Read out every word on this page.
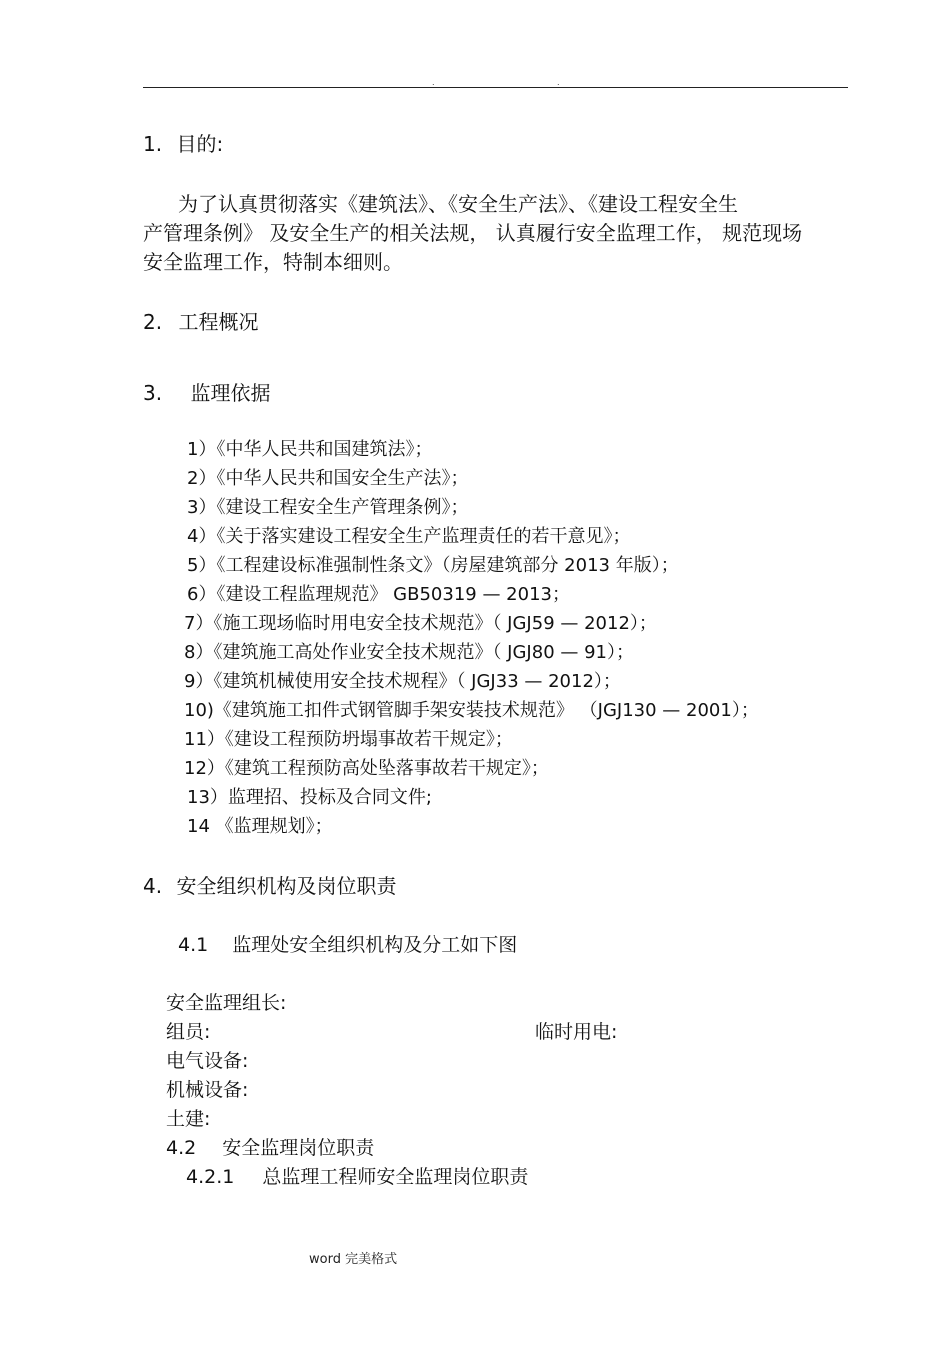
.	.
1. 目的:
为了认真贯彻落实《建筑法》、《安全生产法》、《建设工程安全生
产管理条例》 及安全生产的相关法规， 认真履行安全监理工作， 规范现场
安全监理工作，特制本细则。
2. 工程概况
3. 监理依据
1）《中华人民共和国建筑法》；
2）《中华人民共和国安全生产法》；
3）《建设工程安全生产管理条例》；
4）《关于落实建设工程安全生产监理责任的若干意见》；
5）《工程建设标准强制性条文》（房屋建筑部分 2013 年版）；
6）《建设工程监理规范》 GB50319 — 2013；
7）《施工现场临时用电安全技术规范》（ JGJ59 — 2012）；
8）《建筑施工高处作业安全技术规范》（ JGJ80 — 91）；
9）《建筑机械使用安全技术规程》（ JGJ33 — 2012）；
10)《建筑施工扣件式钢管脚手架安装技术规范》 （JGJ130 — 2001）；
11）《建设工程预防坍塌事故若干规定》；
12）《建筑工程预防高处坠落事故若干规定》；
13）监理招、投标及合同文件;
14 《监理规划》；
4. 安全组织机构及岗位职责
4.1 监理处安全组织机构及分工如下图
安全监理组长:
组员:	临时用电:
电气设备:
机械设备:
土建:
4.2 安全监理岗位职责
4.2.1 总监理工程师安全监理岗位职责
word 完美格式
